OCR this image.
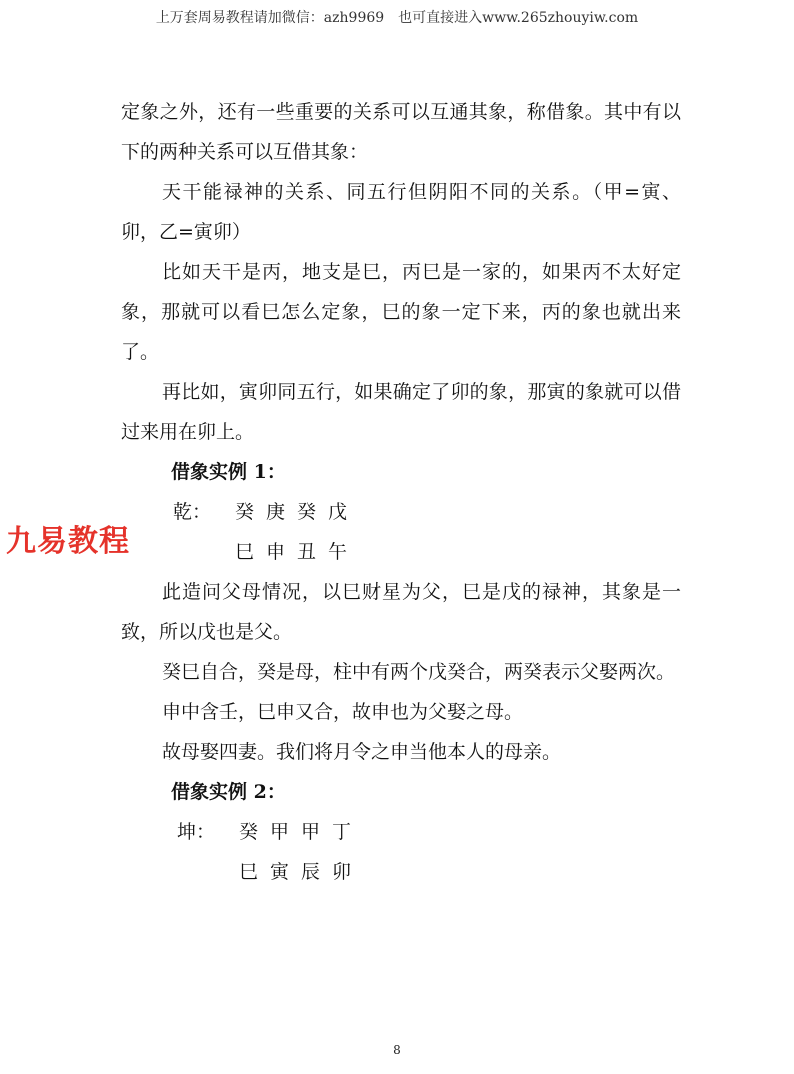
上万套周易教程请加微信：azh9969　也可直接进入www.265zhouyiw.com
九易教程

定象之外，还有一些重要的关系可以互通其象，称借象。其中有以下的两种关系可以互借其象：

天干能禄神的关系、同五行但阴阳不同的关系。（甲=寅、卯，乙=寅卯）

比如天干是丙，地支是巳，丙巳是一家的，如果丙不太好定象，那就可以看巳怎么定象，巳的象一定下来，丙的象也就出来了。

再比如，寅卯同五行，如果确定了卯的象，那寅的象就可以借过来用在卯上。

借象实例 1：

乾： 癸 庚 癸 戊

巳 申 丑 午

此造问父母情况，以巳财星为父，巳是戊的禄神，其象是一致，所以戊也是父。

癸巳自合，癸是母，柱中有两个戊癸合，两癸表示父娶两次。

申中含壬，巳申又合，故申也为父娶之母。

故母娶四妻。我们将月令之申当他本人的母亲。

借象实例 2：

坤： 癸 甲 甲 丁

巳 寅 辰 卯

8
